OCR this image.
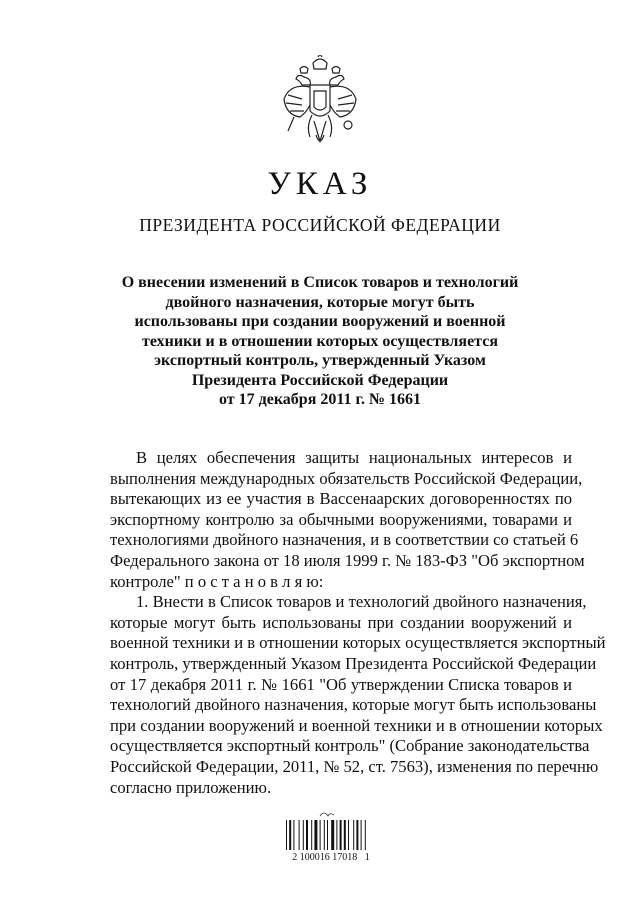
УКАЗ
ПРЕЗИДЕНТА РОССИЙСКОЙ ФЕДЕРАЦИИ
О внесении изменений в Список товаров и технологий
двойного назначения, которые могут быть
использованы при создании вооружений и военной
техники и в отношении которых осуществляется
экспортный контроль, утвержденный Указом
Президента Российской Федерации
от 17 декабря 2011 г. № 1661
В целях обеспечения защиты национальных интересов и
выполнения международных обязательств Российской Федерации,
вытекающих из ее участия в Вассенаарских договоренностях по
экспортному контролю за обычными вооружениями, товарами и
технологиями двойного назначения, и в соответствии со статьей 6
Федерального закона от 18 июля 1999 г. № 183-ФЗ "Об экспортном
контроле" п о с т а н о в л я ю:
1. Внести в Список товаров и технологий двойного назначения,
которые могут быть использованы при создании вооружений и
военной техники и в отношении которых осуществляется экспортный
контроль, утвержденный Указом Президента Российской Федерации
от 17 декабря 2011 г. № 1661 "Об утверждении Списка товаров и
технологий двойного назначения, которые могут быть использованы
при создании вооружений и военной техники и в отношении которых
осуществляется экспортный контроль" (Собрание законодательства
Российской Федерации, 2011, № 52, ст. 7563), изменения по перечню
согласно приложению.
2 100016 17018   1
